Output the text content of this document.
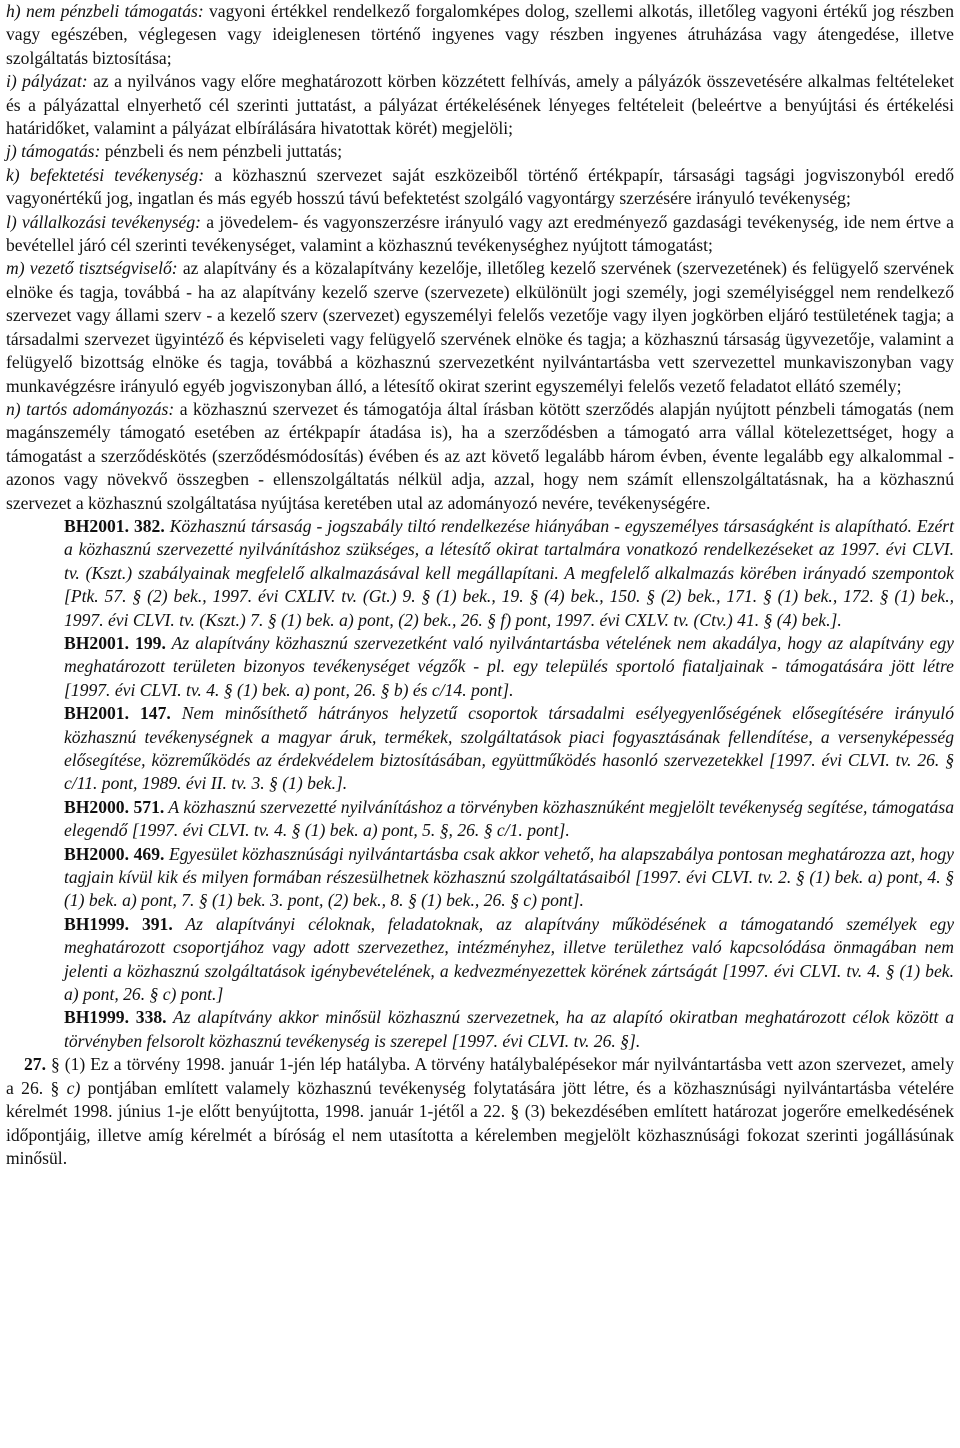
h) nem pénzbeli támogatás: vagyoni értékkel rendelkező forgalomképes dolog, szellemi alkotás, illetőleg vagyoni értékű jog részben vagy egészében, véglegesen vagy ideiglenesen történő ingyenes vagy részben ingyenes átruházása vagy átengedése, illetve szolgáltatás biztosítása;

i) pályázat: az a nyilvános vagy előre meghatározott körben közzétett felhívás, amely a pályázók összevetésére alkalmas feltételeket és a pályázattal elnyerhető cél szerinti juttatást, a pályázat értékelésének lényeges feltételeit (beleértve a benyújtási és értékelési határidőket, valamint a pályázat elbírálására hivatottak körét) megjelöli;

j) támogatás: pénzbeli és nem pénzbeli juttatás;

k) befektetési tevékenység: a közhasznú szervezet saját eszközeiből történő értékpapír, társasági tagsági jogviszonyból eredő vagyonértékű jog, ingatlan és más egyéb hosszú távú befektetést szolgáló vagyontárgy szerzésére irányuló tevékenység;

l) vállalkozási tevékenység: a jövedelem- és vagyonszerzésre irányuló vagy azt eredményező gazdasági tevékenység, ide nem értve a bevétellel járó cél szerinti tevékenységet, valamint a közhasznú tevékenységhez nyújtott támogatást;

m) vezető tisztségviselő: az alapítvány és a közalapítvány kezelője, illetőleg kezelő szervének (szervezetének) és felügyelő szervének elnöke és tagja, továbbá - ha az alapítvány kezelő szerve (szervezete) elkülönült jogi személy, jogi személyiséggel nem rendelkező szervezet vagy állami szerv - a kezelő szerv (szervezet) egyszemélyi felelős vezetője vagy ilyen jogkörben eljáró testületének tagja; a társadalmi szervezet ügyintéző és képviseleti vagy felügyelő szervének elnöke és tagja; a közhasznú társaság ügyvezetője, valamint a felügyelő bizottság elnöke és tagja, továbbá a közhasznú szervezetként nyilvántartásba vett szervezettel munkaviszonyban vagy munkavégzésre irányuló egyéb jogviszonyban álló, a létesítő okirat szerint egyszemélyi felelős vezető feladatot ellátó személy;

n) tartós adományozás: a közhasznú szervezet és támogatója által írásban kötött szerződés alapján nyújtott pénzbeli támogatás (nem magánszemély támogató esetében az értékpapír átadása is), ha a szerződésben a támogató arra vállal kötelezettséget, hogy a támogatást a szerződéskötés (szerződésmódosítás) évében és az azt követő legalább három évben, évente legalább egy alkalommal - azonos vagy növekvő összegben - ellenszolgáltatás nélkül adja, azzal, hogy nem számít ellenszolgáltatásnak, ha a közhasznú szervezet a közhasznú szolgáltatása nyújtása keretében utal az adományozó nevére, tevékenységére.

BH2001. 382. Közhasznú társaság - jogszabály tiltó rendelkezése hiányában - egyszemélyes társaságként is alapítható. Ezért a közhasznú szervezetté nyilvánításhoz szükséges, a létesítő okirat tartalmára vonatkozó rendelkezéseket az 1997. évi CLVI. tv. (Kszt.) szabályainak megfelelő alkalmazásával kell megállapítani. A megfelelő alkalmazás körében irányadó szempontok [Ptk. 57. § (2) bek., 1997. évi CXLIV. tv. (Gt.) 9. § (1) bek., 19. § (4) bek., 150. § (2) bek., 171. § (1) bek., 172. § (1) bek., 1997. évi CLVI. tv. (Kszt.) 7. § (1) bek. a) pont, (2) bek., 26. § f) pont, 1997. évi CXLV. tv. (Ctv.) 41. § (4) bek.].

BH2001. 199. Az alapítvány közhasznú szervezetként való nyilvántartásba vételének nem akadálya, hogy az alapítvány egy meghatározott területen bizonyos tevékenységet végzők - pl. egy település sportoló fiataljainak - támogatására jött létre [1997. évi CLVI. tv. 4. § (1) bek. a) pont, 26. § b) és c/14. pont].

BH2001. 147. Nem minősíthető hátrányos helyzetű csoportok társadalmi esélyegyenlőségének elősegítésére irányuló közhasznú tevékenységnek a magyar áruk, termékek, szolgáltatások piaci fogyasztásának fellendítése, a versenyképesség elősegítése, közreműködés az érdekvédelem biztosításában, együttműködés hasonló szervezetekkel [1997. évi CLVI. tv. 26. § c/11. pont, 1989. évi II. tv. 3. § (1) bek.].

BH2000. 571. A közhasznú szervezetté nyilvánításhoz a törvényben közhasznúként megjelölt tevékenység segítése, támogatása elegendő [1997. évi CLVI. tv. 4. § (1) bek. a) pont, 5. §, 26. § c/1. pont].

BH2000. 469. Egyesület közhasznúsági nyilvántartásba csak akkor vehető, ha alapszabálya pontosan meghatározza azt, hogy tagjain kívül kik és milyen formában részesülhetnek közhasznú szolgáltatásaiból [1997. évi CLVI. tv. 2. § (1) bek. a) pont, 4. § (1) bek. a) pont, 7. § (1) bek. 3. pont, (2) bek., 8. § (1) bek., 26. § c) pont].

BH1999. 391. Az alapítványi céloknak, feladatoknak, az alapítvány működésének a támogatandó személyek egy meghatározott csoportjához vagy adott szervezethez, intézményhez, illetve területhez való kapcsolódása önmagában nem jelenti a közhasznú szolgáltatások igénybevételének, a kedvezményezettek körének zártságát [1997. évi CLVI. tv. 4. § (1) bek. a) pont, 26. § c) pont.]

BH1999. 338. Az alapítvány akkor minősül közhasznú szervezetnek, ha az alapító okiratban meghatározott célok között a törvényben felsorolt közhasznú tevékenység is szerepel [1997. évi CLVI. tv. 26. §].

27. § (1) Ez a törvény 1998. január 1-jén lép hatályba. A törvény hatálybalépésekor már nyilvántartásba vett azon szervezet, amely a 26. § c) pontjában említett valamely közhasznú tevékenység folytatására jött létre, és a közhasznúsági nyilvántartásba vételére kérelmét 1998. június 1-je előtt benyújtotta, 1998. január 1-jétől a 22. § (3) bekezdésében említett határozat jogerőre emelkedésének időpontjáig, illetve amíg kérelmét a bíróság el nem utasította a kérelemben megjelölt közhasznúsági fokozat szerinti jogállásúnak minősül.
